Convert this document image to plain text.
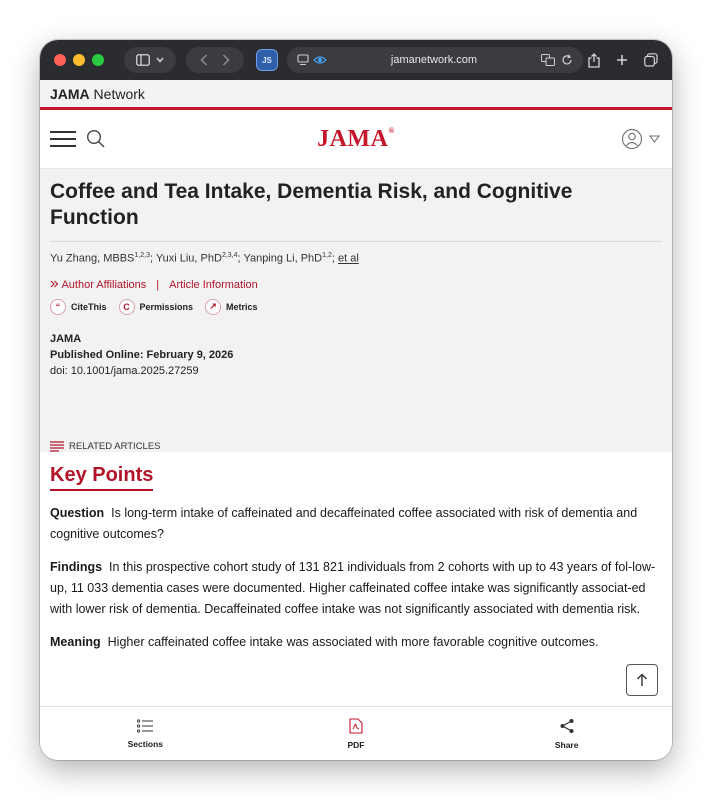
JS	jamanetwork.com
JAMA Network
JAMA®
Coffee and Tea Intake, Dementia Risk, and Cognitive Function
Yu Zhang, MBBS$^{1,2,3}$; Yuxi Liu, PhD$^{2,3,4}$; Yanping Li, PhD$^{1,2}$; et al
Author Affiliations | Article Information
“	CiteThis	C	Permissions	↗	Metrics
JAMA
Published Online: February 9, 2026
doi: 10.1001/jama.2025.27259
RELATED ARTICLES
Key Points

Question Is long-term intake of caffeinated and decaffeinated coffee associated with risk of dementia and cognitive outcomes?

Findings In this prospective cohort study of 131 821 individuals from 2 cohorts with up to 43 years of fol-low-up, 11 033 dementia cases were documented. Higher caffeinated coffee intake was significantly associat-ed with lower risk of dementia. Decaffeinated coffee intake was not significantly associated with dementia risk.

Meaning Higher caffeinated coffee intake was associated with more favorable cognitive outcomes.

Sections	PDF	Share
